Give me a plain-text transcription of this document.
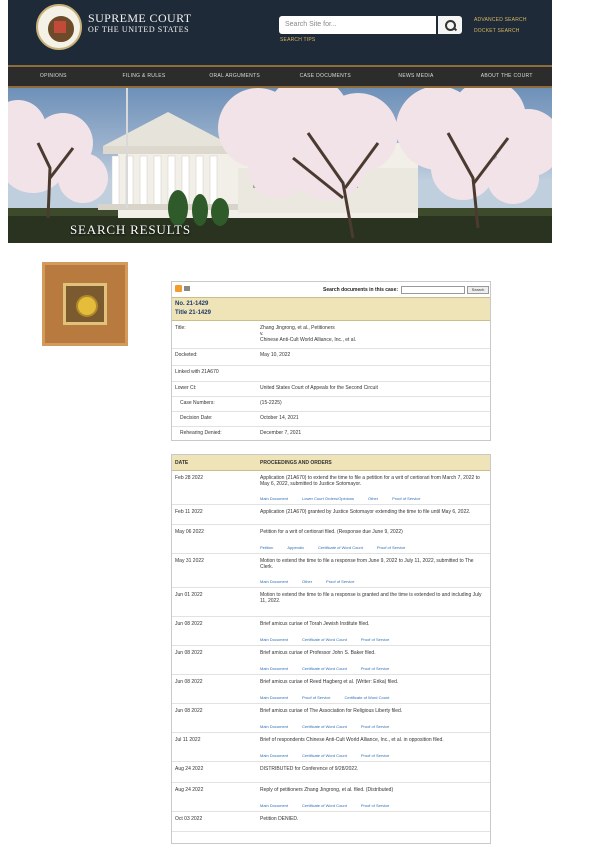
SUPREME COURT
OF THE UNITED STATES
Search Site for...
SEARCH TIPS
ADVANCED SEARCH
DOCKET SEARCH
OPINIONS	FILING & RULES	ORAL ARGUMENTS	CASE DOCUMENTS	NEWS MEDIA	ABOUT THE COURT
SEARCH RESULTS
Search documents in this case:	Search
No. 21-1429
Title 21-1429
Title:	Zhang Jingrong, et al., Petitioners
v.
Chinese Anti-Cult World Alliance, Inc., et al.
Docketed:	May 10, 2022
Linked with 21A670
Lower Ct:	United States Court of Appeals for the Second Circuit
Case Numbers:	(15-2225)
Decision Date:	October 14, 2021
Rehearing Denied:	December 7, 2021
DATE	PROCEEDINGS AND ORDERS
Feb 28 2022	Application (21A670) to extend the time to file a petition for a writ of certiorari from March 7, 2022 to May 6, 2022, submitted to Justice Sotomayor.
Main Document	Lower Court Orders/Opinions	Other	Proof of Service
Feb 11 2022	Application (21A670) granted by Justice Sotomayor extending the time to file until May 6, 2022.
May 06 2022	Petition for a writ of certiorari filed. (Response due June 9, 2022)
Petition	Appendix	Certificate of Word Count	Proof of Service
May 31 2022	Motion to extend the time to file a response from June 9, 2022 to July 11, 2022, submitted to The Clerk.
Main Document	Other	Proof of Service
Jun 01 2022	Motion to extend the time to file a response is granted and the time is extended to and including July 11, 2022.
Jun 08 2022	Brief amicus curiae of Torah Jewish Institute filed.
Main Document	Certificate of Word Count	Proof of Service
Jun 08 2022	Brief amicus curiae of Professor John S. Baker filed.
Main Document	Certificate of Word Count	Proof of Service
Jun 08 2022	Brief amicus curiae of Reed Hagberg et al. (Writer: Erika) filed.
Main Document	Proof of Service	Certificate of Word Count
Jun 08 2022	Brief amicus curiae of The Association for Religious Liberty filed.
Main Document	Certificate of Word Count	Proof of Service
Jul 11 2022	Brief of respondents Chinese Anti-Cult World Alliance, Inc., et al. in opposition filed.
Main Document	Certificate of Word Count	Proof of Service
Aug 24 2022	DISTRIBUTED for Conference of 9/28/2022.
Aug 24 2022	Reply of petitioners Zhang Jingrong, et al. filed. (Distributed)
Main Document	Certificate of Word Count	Proof of Service
Oct 03 2022	Petition DENIED.
